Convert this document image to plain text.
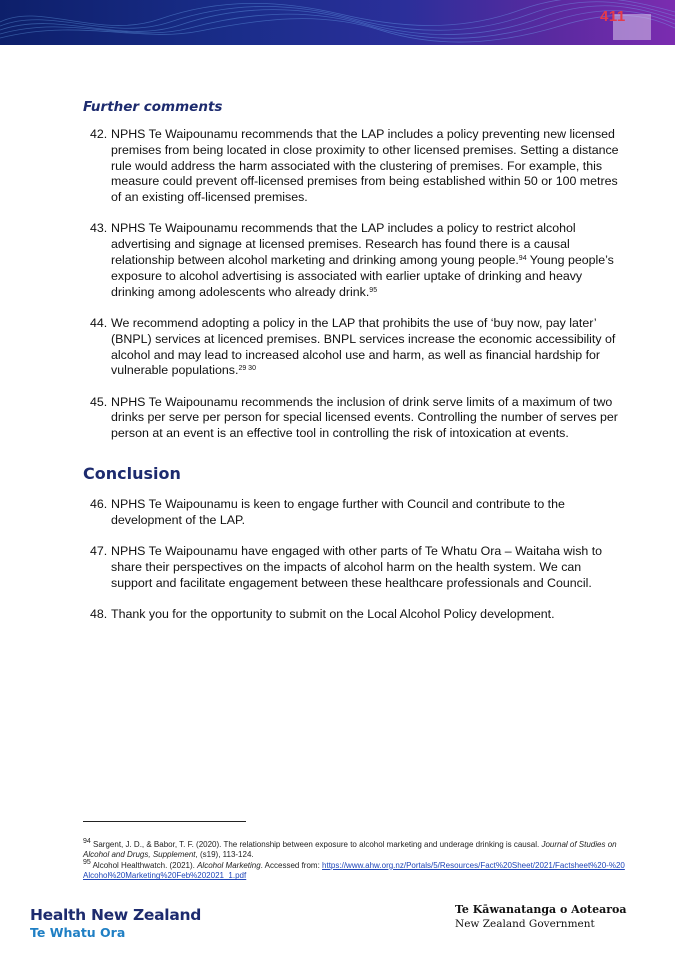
411
Further comments
42. NPHS Te Waipounamu recommends that the LAP includes a policy preventing new licensed premises from being located in close proximity to other licensed premises. Setting a distance rule would address the harm associated with the clustering of premises. For example, this measure could prevent off-licensed premises from being established within 50 or 100 metres of an existing off-licensed premises.
43. NPHS Te Waipounamu recommends that the LAP includes a policy to restrict alcohol advertising and signage at licensed premises. Research has found there is a causal relationship between alcohol marketing and drinking among young people.$^{94}$ Young people’s exposure to alcohol advertising is associated with earlier uptake of drinking and heavy drinking among adolescents who already drink.$^{95}$
44. We recommend adopting a policy in the LAP that prohibits the use of ‘buy now, pay later’ (BNPL) services at licenced premises. BNPL services increase the economic accessibility of alcohol and may lead to increased alcohol use and harm, as well as financial hardship for vulnerable populations.$^{29 30}$
45. NPHS Te Waipounamu recommends the inclusion of drink serve limits of a maximum of two drinks per serve per person for special licensed events. Controlling the number of serves per person at an event is an effective tool in controlling the risk of intoxication at events.
Conclusion
46. NPHS Te Waipounamu is keen to engage further with Council and contribute to the development of the LAP.
47. NPHS Te Waipounamu have engaged with other parts of Te Whatu Ora – Waitaha wish to share their perspectives on the impacts of alcohol harm on the health system. We can support and facilitate engagement between these healthcare professionals and Council.
48. Thank you for the opportunity to submit on the Local Alcohol Policy development.
$^{94}$ Sargent, J. D., & Babor, T. F. (2020). The relationship between exposure to alcohol marketing and underage drinking is causal. Journal of Studies on Alcohol and Drugs, Supplement, (s19), 113-124.
$^{95}$ Alcohol Healthwatch. (2021). Alcohol Marketing. Accessed from: https://www.ahw.org.nz/Portals/5/Resources/Fact%20Sheet/2021/Factsheet%20-%20Alcohol%20Marketing%20Feb%202021_1.pdf
Health New Zealand
Te Whatu Ora
Te Kāwanatanga o Aotearoa
New Zealand Government
